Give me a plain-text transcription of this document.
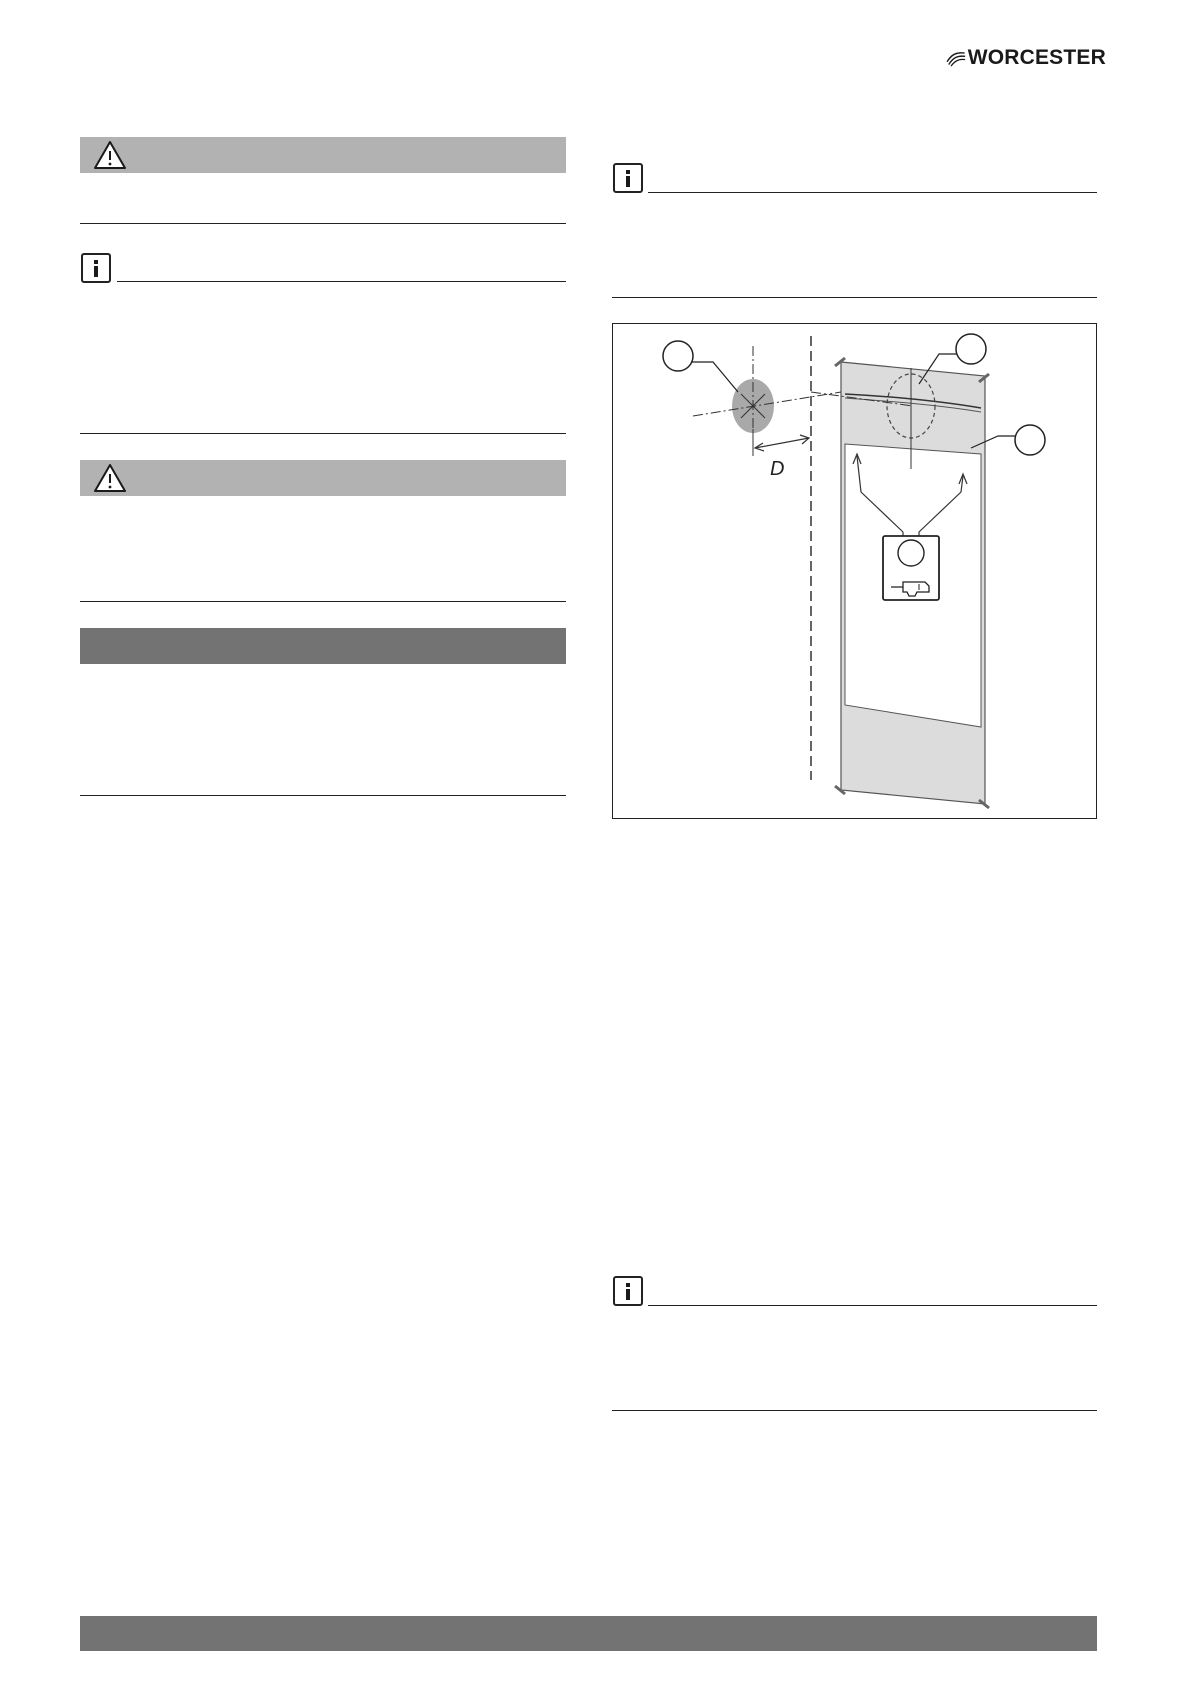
WORCESTER
D
